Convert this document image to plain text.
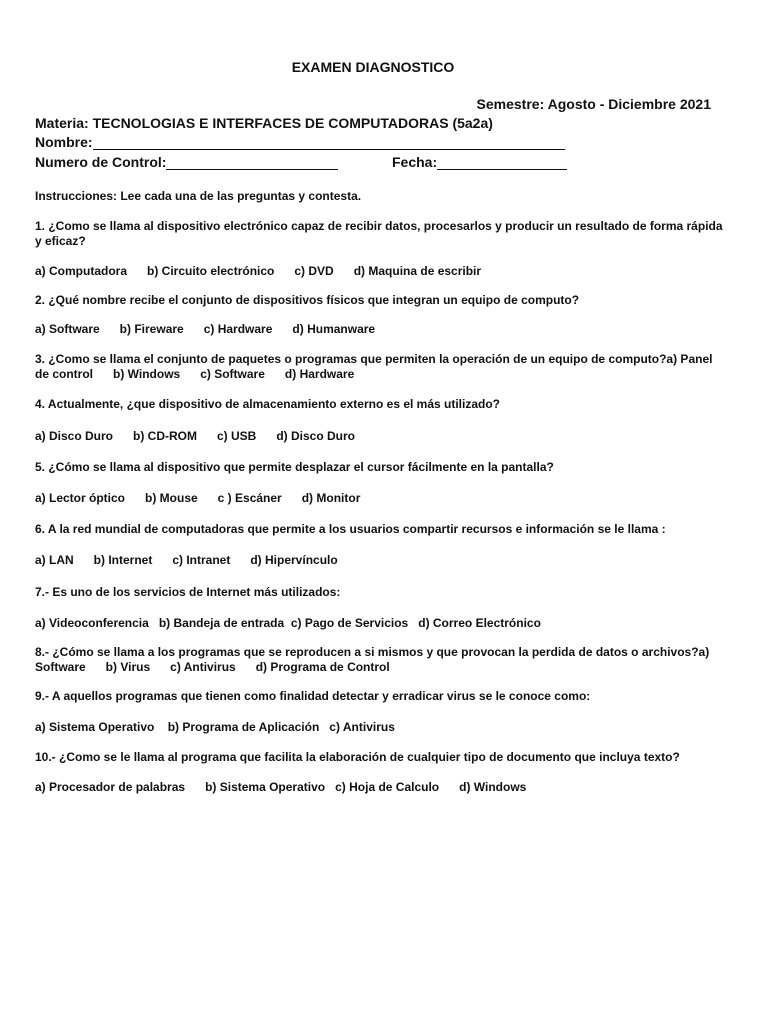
EXAMEN DIAGNOSTICO
Semestre: Agosto - Diciembre 2021
Materia: TECNOLOGIAS E INTERFACES DE COMPUTADORAS (5a2a)
Nombre:
Numero de Control:	Fecha:
Instrucciones: Lee cada una de las preguntas y contesta.
1. ¿Como se llama al dispositivo electrónico capaz de recibir datos, procesarlos y producir un resultado de forma rápida y eficaz?
a) Computadora      b) Circuito electrónico      c) DVD      d) Maquina de escribir
2. ¿Qué nombre recibe el conjunto de dispositivos físicos que integran un equipo de computo?
a) Software      b) Fireware      c) Hardware      d) Humanware
3. ¿Como se llama el conjunto de paquetes o programas que permiten la operación de un equipo de computo?a) Panel de control      b) Windows      c) Software      d) Hardware
4. Actualmente, ¿que dispositivo de almacenamiento externo es el más utilizado?
a) Disco Duro      b) CD-ROM      c) USB      d) Disco Duro
5. ¿Cómo se llama al dispositivo que permite desplazar el cursor fácilmente en la pantalla?
a) Lector óptico      b) Mouse      c ) Escáner      d) Monitor
6. A la red mundial de computadoras que permite a los usuarios compartir recursos e información se le llama :
a) LAN      b) Internet      c) Intranet      d) Hipervínculo
7.- Es uno de los servicios de Internet más utilizados:
a) Videoconferencia   b) Bandeja de entrada  c) Pago de Servicios   d) Correo Electrónico
8.- ¿Cómo se llama a los programas que se reproducen a si mismos y que provocan la perdida de datos o archivos?a) Software      b) Virus      c) Antivirus      d) Programa de Control
9.- A aquellos programas que tienen como finalidad detectar y erradicar virus se le conoce como:
a) Sistema Operativo    b) Programa de Aplicación   c) Antivirus
10.- ¿Como se le llama al programa que facilita la elaboración de cualquier tipo de documento que incluya texto?
a) Procesador de palabras      b) Sistema Operativo   c) Hoja de Calculo      d) Windows
